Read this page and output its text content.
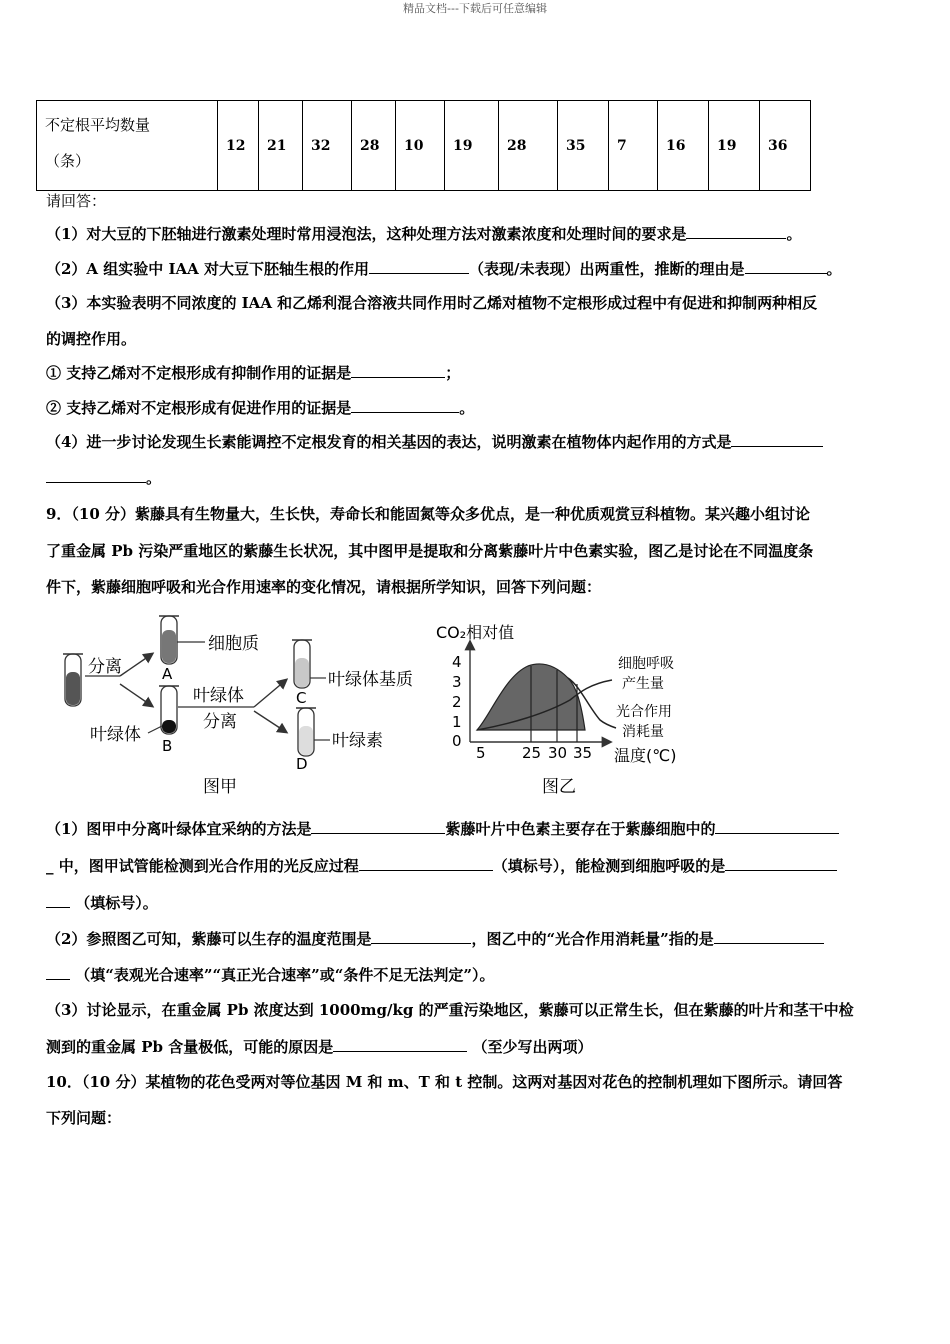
精品文档---下载后可任意编辑
不定根平均数量
（条）
	12	21	32	28	10	19	28	35	7	16	19	36
请回答：
（1）对大豆的下胚轴进行激素处理时常用浸泡法，这种处理方法对激素浓度和处理时间的要求是	。
（2）A 组实验中 IAA 对大豆下胚轴生根的作用	（表现/未表现）出两重性，推断的理由是	。
（3）本实验表明不同浓度的 IAA 和乙烯利混合溶液共同作用时乙烯对植物不定根形成过程中有促进和抑制两种相反
的调控作用。
① 支持乙烯对不定根形成有抑制作用的证据是	；
② 支持乙烯对不定根形成有促进作用的证据是	。
（4）进一步讨论发现生长素能调控不定根发育的相关基因的表达，说明激素在植物体内起作用的方式是
。
9．（10 分）紫藤具有生物量大，生长快，寿命长和能固氮等众多优点，是一种优质观赏豆科植物。某兴趣小组讨论
了重金属 Pb 污染严重地区的紫藤生长状况，其中图甲是提取和分离紫藤叶片中色素实验，图乙是讨论在不同温度条
件下，紫藤细胞呼吸和光合作用速率的变化情况，请根据所学知识，回答下列问题：
分离
细胞质
A
叶绿体
B
叶绿体
分离
叶绿体基质
C
叶绿素
D
图甲
CO₂相对值
0
1
2
3
4
5 25 30 35
细胞呼吸
产生量
光合作用
消耗量
温度(℃)
图乙
（1）图甲中分离叶绿体宜采纳的方法是	紫藤叶片中色素主要存在于紫藤细胞中的
_ 中，图甲试管能检测到光合作用的光反应过程	（填标号），能检测到细胞呼吸的是
（填标号）。
（2）参照图乙可知，紫藤可以生存的温度范围是	，图乙中的“光合作用消耗量”指的是
（填“表观光合速率”“真正光合速率”或“条件不足无法判定”）。
（3）讨论显示，在重金属 Pb 浓度达到 1000mg/kg 的严重污染地区，紫藤可以正常生长，但在紫藤的叶片和茎干中检
测到的重金属 Pb 含量极低，可能的原因是	（至少写出两项）
10．（10 分）某植物的花色受两对等位基因 M 和 m、T 和 t 控制。这两对基因对花色的控制机理如下图所示。请回答
下列问题：
